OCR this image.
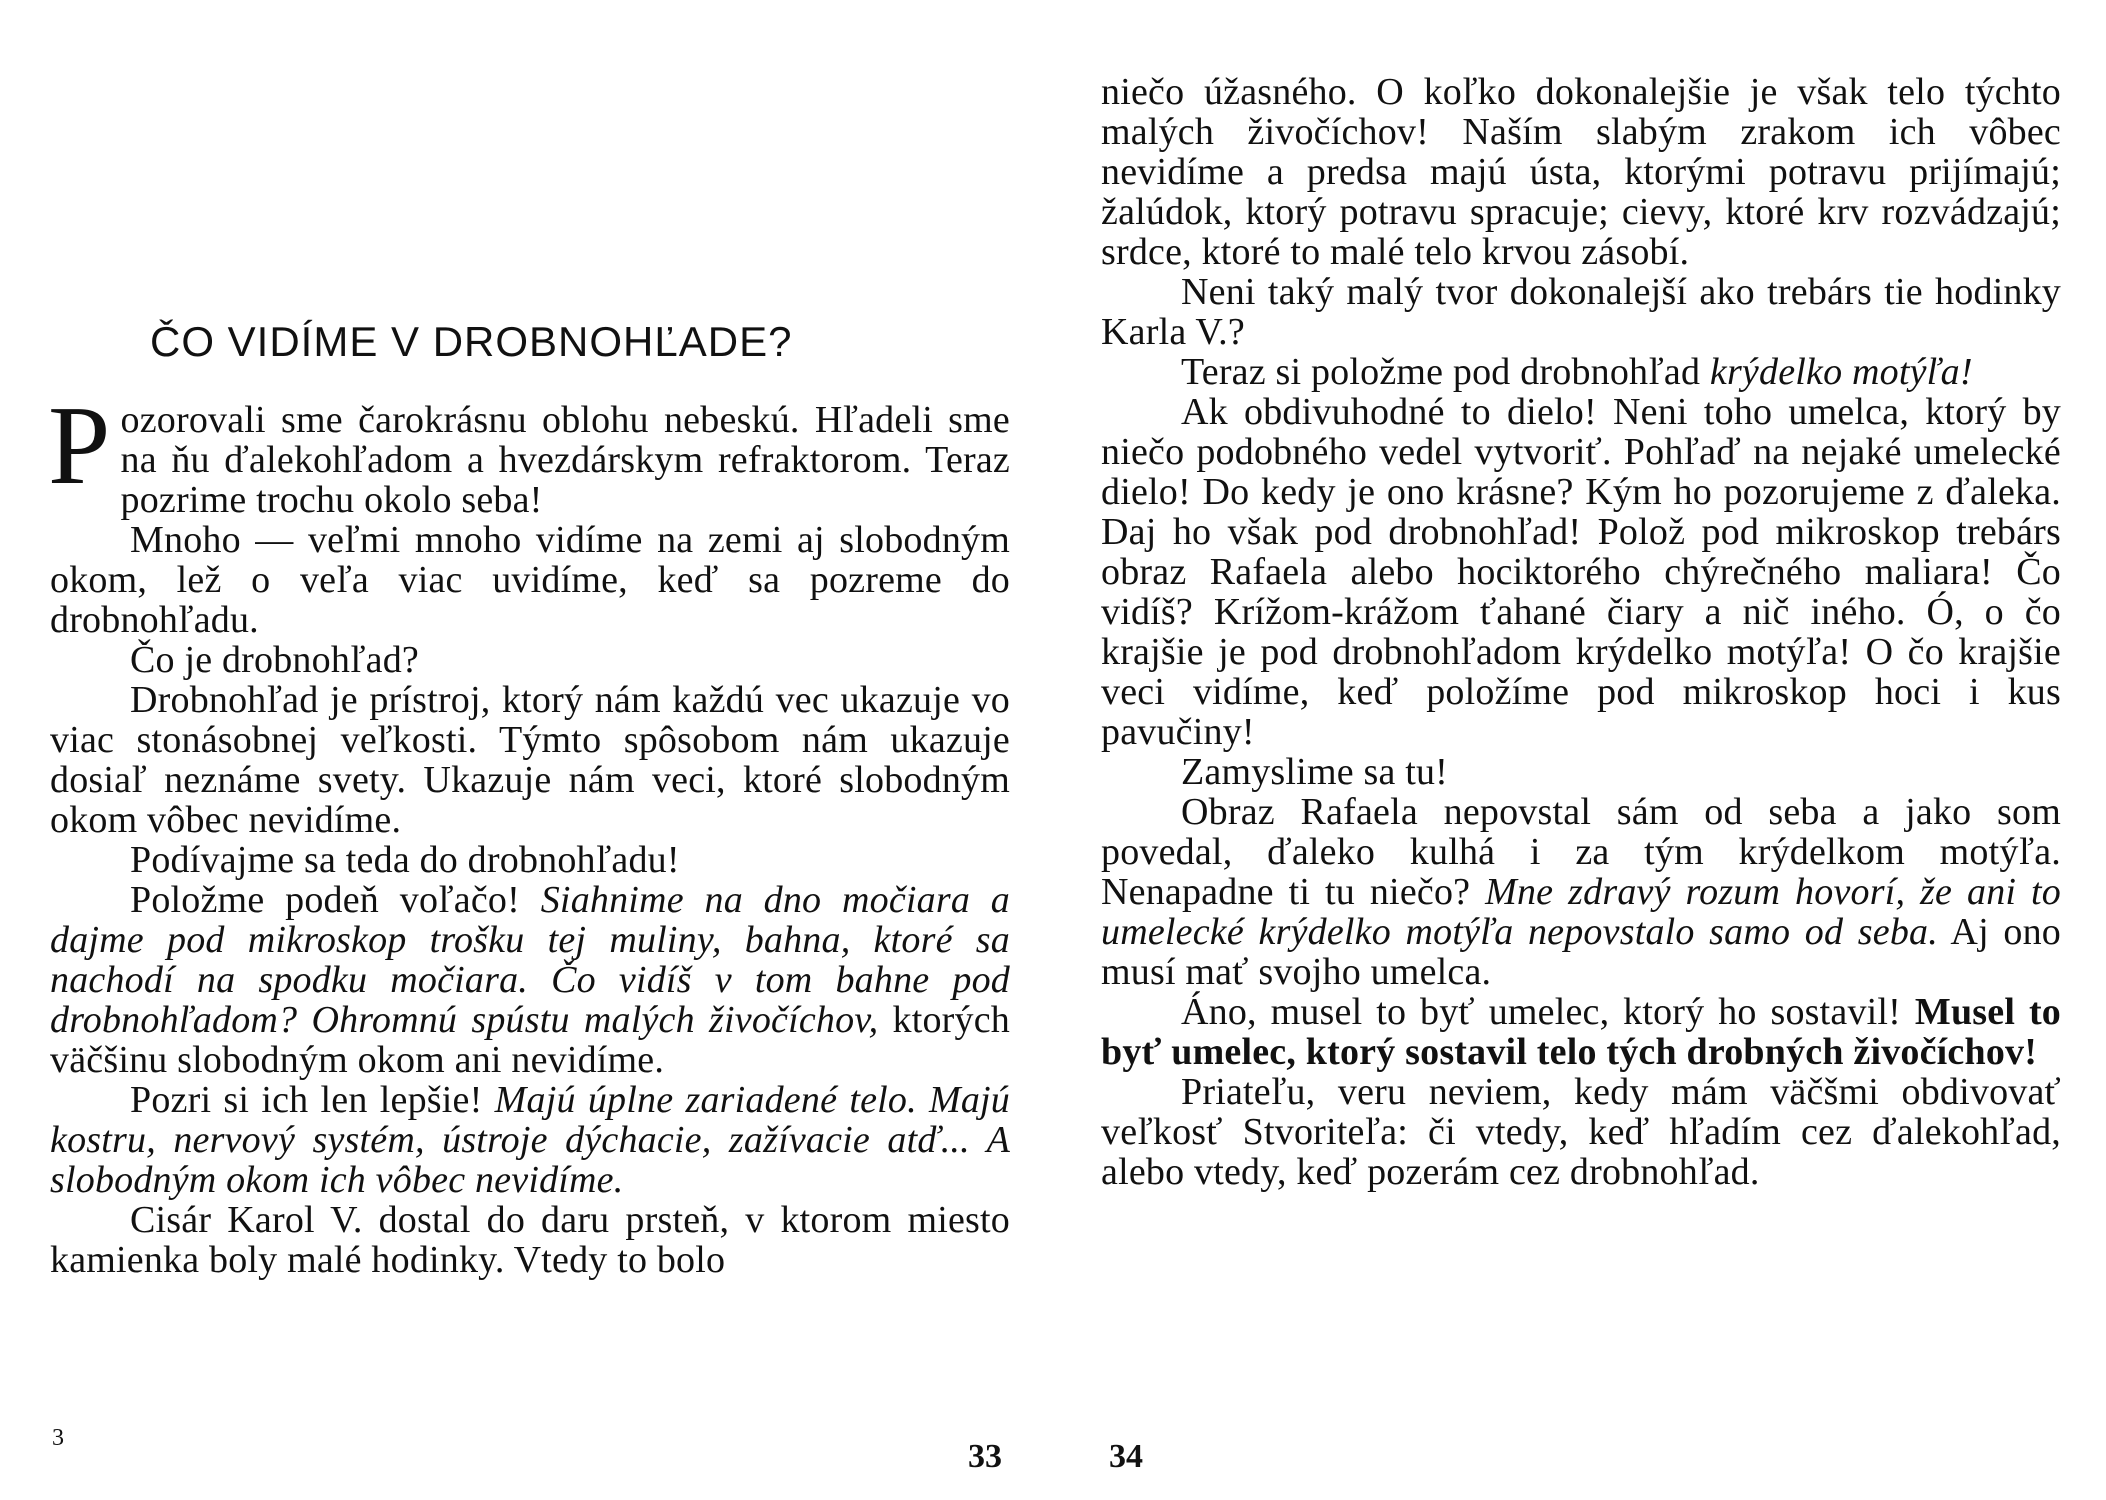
ČO VIDÍME V DROBNOHĽADE?

Pozorovali sme čarokrásnu oblohu nebeskú. Hľadeli sme na ňu ďalekohľadom a hvezdárskym refraktorom. Teraz pozrime trochu okolo seba!

Mnoho — veľmi mnoho vidíme na zemi aj slobodným okom, lež o veľa viac uvidíme, keď sa pozreme do drobnohľadu.

Čo je drobnohľad?

Drobnohľad je prístroj, ktorý nám každú vec ukazuje vo viac stonásobnej veľkosti. Týmto spôsobom nám ukazuje dosiaľ neznáme svety. Ukazuje nám veci, ktoré slobodným okom vôbec nevidíme.

Podívajme sa teda do drobnohľadu!

Položme podeň voľačo! Siahnime na dno močiara a dajme pod mikroskop trošku tej muliny, bahna, ktoré sa nachodí na spodku močiara. Čo vidíš v tom bahne pod drobnohľadom? Ohromnú spústu malých živočíchov, ktorých väčšinu slobodným okom ani nevidíme.

Pozri si ich len lepšie! Majú úplne zariadené telo. Majú kostru, nervový systém, ústroje dýchacie, zažívacie atď... A slobodným okom ich vôbec nevidíme.

Cisár Karol V. dostal do daru prsteň, v ktorom miesto kamienka boly malé hodinky. Vtedy to bolo

3	33

niečo úžasného. O koľko dokonalejšie je však telo týchto malých živočíchov! Naším slabým zrakom ich vôbec nevidíme a predsa majú ústa, ktorými potravu prijímajú; žalúdok, ktorý potravu spracuje; cievy, ktoré krv rozvádzajú; srdce, ktoré to malé telo krvou zásobí.

Neni taký malý tvor dokonalejší ako trebárs tie hodinky Karla V.?

Teraz si položme pod drobnohľad krýdelko motýľa!

Ak obdivuhodné to dielo! Neni toho umelca, ktorý by niečo podobného vedel vytvoriť. Pohľaď na nejaké umelecké dielo! Do kedy je ono krásne? Kým ho pozorujeme z ďaleka. Daj ho však pod drobnohľad! Polož pod mikroskop trebárs obraz Rafaela alebo hociktorého chýrečného maliara! Čo vidíš? Krížom-krážom ťahané čiary a nič iného. Ó, o čo krajšie je pod drobnohľadom krýdelko motýľa! O čo krajšie veci vidíme, keď položíme pod mikroskop hoci i kus pavučiny!

Zamyslime sa tu!

Obraz Rafaela nepovstal sám od seba a jako som povedal, ďaleko kulhá i za tým krýdelkom motýľa. Nenapadne ti tu niečo? Mne zdravý rozum hovorí, že ani to umelecké krýdelko motýľa nepovstalo samo od seba. Aj ono musí mať svojho umelca.

Áno, musel to byť umelec, ktorý ho sostavil! Musel to byť umelec, ktorý sostavil telo tých drobných živočíchov!

Priateľu, veru neviem, kedy mám väčšmi obdivovať veľkosť Stvoriteľa: či vtedy, keď hľadím cez ďalekohľad, alebo vtedy, keď pozerám cez drobnohľad.

34
